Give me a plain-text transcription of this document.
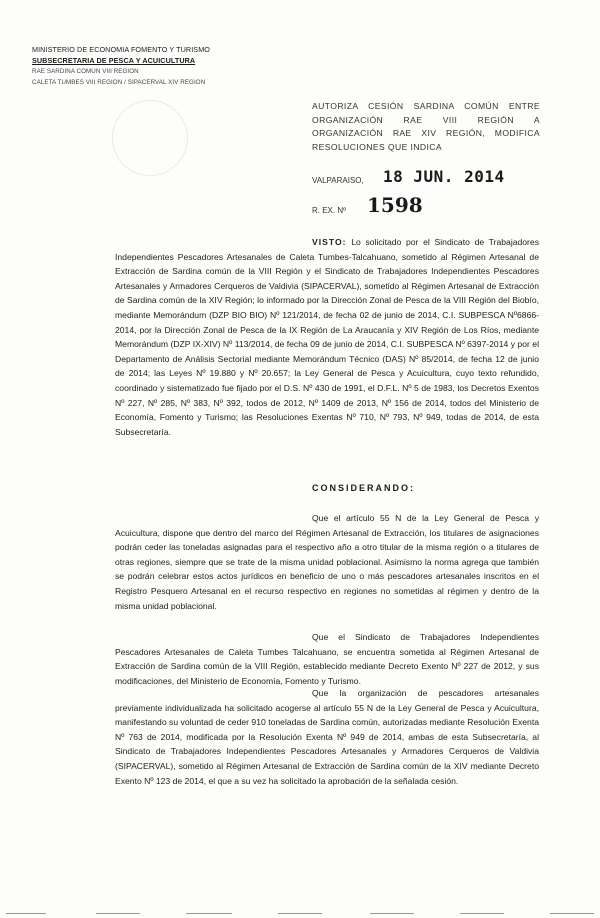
MINISTERIO DE ECONOMIA FOMENTO Y TURISMO
SUBSECRETARIA DE PESCA Y ACUICULTURA
RAE SARDINA COMUN VIII REGION
CALETA TUMBES VIII REGION / SIPACERVAL XIV REGION
AUTORIZA CESIÓN SARDINA COMÚN ENTRE ORGANIZACIÓN RAE VIII REGIÓN A ORGANIZACIÓN RAE XIV REGIÓN, MODIFICA RESOLUCIONES QUE INDICA
VALPARAISO, 18 JUN. 2014
R. EX. Nº 1598

VISTO: Lo solicitado por el Sindicato de Trabajadores Independientes Pescadores Artesanales de Caleta Tumbes-Talcahuano, sometido al Régimen Artesanal de Extracción de Sardina común de la VIII Región y el Sindicato de Trabajadores Independientes Pescadores Artesanales y Armadores Cerqueros de Valdivia (SIPACERVAL), sometido al Régimen Artesanal de Extracción de Sardina común de la XIV Región; lo informado por la Dirección Zonal de Pesca de la VIII Región del Biobío, mediante Memorándum (DZP BIO BIO) Nº 121/2014, de fecha 02 de junio de 2014, C.I. SUBPESCA Nº6866-2014, por la Dirección Zonal de Pesca de la IX Región de La Araucanía y XIV Región de Los Ríos, mediante Memorándum (DZP IX-XIV) Nº 113/2014, de fecha 09 de junio de 2014, C.I. SUBPESCA Nº 6397-2014 y por el Departamento de Análisis Sectorial mediante Memorándum Técnico (DAS) Nº 85/2014, de fecha 12 de junio de 2014; las Leyes Nº 19.880 y Nº 20.657; la Ley General de Pesca y Acuicultura, cuyo texto refundido, coordinado y sistematizado fue fijado por el D.S. Nº 430 de 1991, el D.F.L. Nº 5 de 1983, los Decretos Exentos Nº 227, Nº 285, Nº 383, Nº 392, todos de 2012, Nº 1409 de 2013, Nº 156 de 2014, todos del Ministerio de Economía, Fomento y Turismo; las Resoluciones Exentas Nº 710, Nº 793, Nº 949, todas de 2014, de esta Subsecretaría.

CONSIDERANDO:

Que el artículo 55 N de la Ley General de Pesca y Acuicultura, dispone que dentro del marco del Régimen Artesanal de Extracción, los titulares de asignaciones podrán ceder las toneladas asignadas para el respectivo año a otro titular de la misma región o a titulares de otras regiones, siempre que se trate de la misma unidad poblacional. Asimismo la norma agrega que también se podrán celebrar estos actos jurídicos en beneficio de uno o más pescadores artesanales inscritos en el Registro Pesquero Artesanal en el recurso respectivo en regiones no sometidas al régimen y dentro de la misma unidad poblacional.

Que el Sindicato de Trabajadores Independientes Pescadores Artesanales de Caleta Tumbes Talcahuano, se encuentra sometida al Régimen Artesanal de Extracción de Sardina común de la VIII Región, establecido mediante Decreto Exento Nº 227 de 2012, y sus modificaciones, del Ministerio de Economía, Fomento y Turismo.

Que la organización de pescadores artesanales previamente individualizada ha solicitado acogerse al artículo 55 N de la Ley General de Pesca y Acuicultura, manifestando su voluntad de ceder 910 toneladas de Sardina común, autorizadas mediante Resolución Exenta Nº 763 de 2014, modificada por la Resolución Exenta Nº 949 de 2014, ambas de esta Subsecretaría, al Sindicato de Trabajadores Independientes Pescadores Artesanales y Armadores Cerqueros de Valdivia (SIPACERVAL), sometido al Régimen Artesanal de Extracción de Sardina común de la XIV mediante Decreto Exento Nº 123 de 2014, el que a su vez ha solicitado la aprobación de la señalada cesión.
